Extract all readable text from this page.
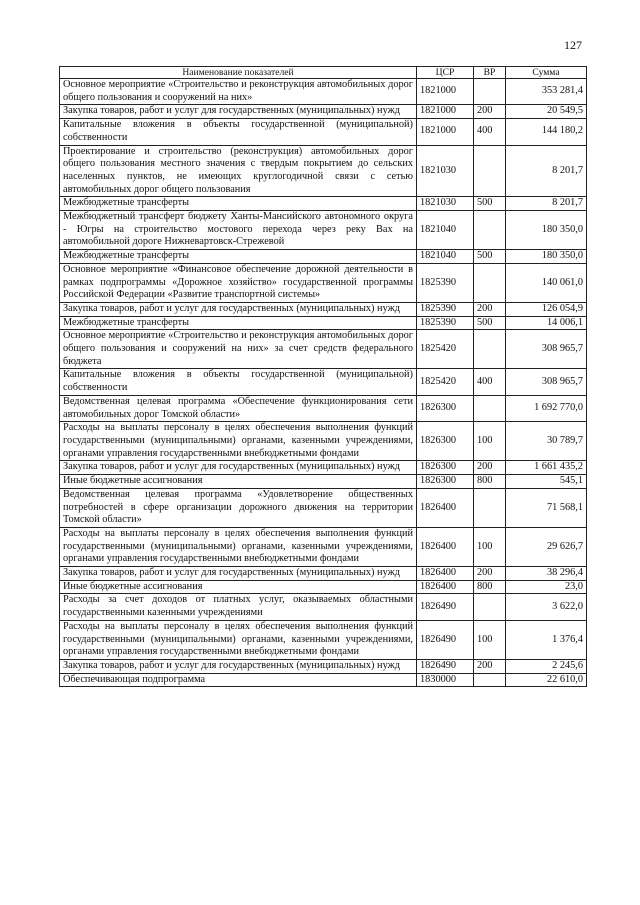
127
Наименование показателей	ЦСР	ВР	Сумма
Основное мероприятие «Строительство и реконструкция автомобильных дорог общего пользования и сооружений на них»	1821000		353 281,4
Закупка товаров, работ и услуг для государственных (муниципальных) нужд	1821000	200	20 549,5
Капитальные вложения в объекты государственной (муниципальной) собственности	1821000	400	144 180,2
Проектирование и строительство (реконструкция) автомобильных дорог общего пользования местного значения с твердым покрытием до сельских населенных пунктов, не имеющих круглогодичной связи с сетью автомобильных дорог общего пользования	1821030		8 201,7
Межбюджетные трансферты	1821030	500	8 201,7
Межбюджетный трансферт бюджету Ханты-Мансийского автономного округа - Югры на строительство мостового перехода через реку Вах на автомобильной дороге Нижневартовск-Стрежевой	1821040		180 350,0
Межбюджетные трансферты	1821040	500	180 350,0
Основное мероприятие «Финансовое обеспечение дорожной деятельности в рамках подпрограммы «Дорожное хозяйство» государственной программы Российской Федерации «Развитие транспортной системы»	1825390		140 061,0
Закупка товаров, работ и услуг для государственных (муниципальных) нужд	1825390	200	126 054,9
Межбюджетные трансферты	1825390	500	14 006,1
Основное мероприятие «Строительство и реконструкция автомобильных дорог общего пользования и сооружений на них» за счет средств федерального бюджета	1825420		308 965,7
Капитальные вложения в объекты государственной (муниципальной) собственности	1825420	400	308 965,7
Ведомственная целевая программа «Обеспечение функционирования сети автомобильных дорог Томской области»	1826300		1 692 770,0
Расходы на выплаты персоналу в целях обеспечения выполнения функций государственными (муниципальными) органами, казенными учреждениями, органами управления государственными внебюджетными фондами	1826300	100	30 789,7
Закупка товаров, работ и услуг для государственных (муниципальных) нужд	1826300	200	1 661 435,2
Иные бюджетные ассигнования	1826300	800	545,1
Ведомственная целевая программа «Удовлетворение общественных потребностей в сфере организации дорожного движения на территории Томской области»	1826400		71 568,1
Расходы на выплаты персоналу в целях обеспечения выполнения функций государственными (муниципальными) органами, казенными учреждениями, органами управления государственными внебюджетными фондами	1826400	100	29 626,7
Закупка товаров, работ и услуг для государственных (муниципальных) нужд	1826400	200	38 296,4
Иные бюджетные ассигнования	1826400	800	23,0
Расходы за счет доходов от платных услуг, оказываемых областными государственными казенными учреждениями	1826490		3 622,0
Расходы на выплаты персоналу в целях обеспечения выполнения функций государственными (муниципальными) органами, казенными учреждениями, органами управления государственными внебюджетными фондами	1826490	100	1 376,4
Закупка товаров, работ и услуг для государственных (муниципальных) нужд	1826490	200	2 245,6
Обеспечивающая подпрограмма	1830000		22 610,0
